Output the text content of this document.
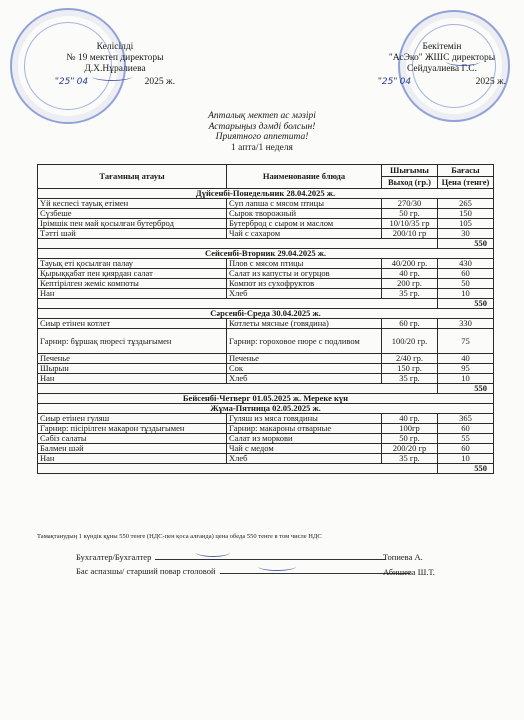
Келісілді
№ 19 мектеп директоры
Д.Х.Нұралиева
"25" 04	2025 ж.
Бекітемін
"АсЭко" ЖШС директоры
Сейдуалиева Г.С.
"25" 04	2025 ж.
Апталық мектеп ас мәзірі
Астарыңыз дәмді болсын!
Приятного аппетита!
1 апта/1 неделя
Тағамның атауы	Наименование блюда	Шығымы	Бағасы
		Выход (гр.)	Цена (тенге)
Дүйсенбі-Понедельник 28.04.2025 ж.			
Үй кеспесі тауық етімен	Суп лапша с мясом птицы	270/30	265
Сүзбеше	Сырок творожный	50 гр.	150
Ірімшік пен май қосылған бутерброд	Бутерброд с сыром и маслом	10/10/35 гр	105
Тәтті шәй	Чай с сахаром	200/10 гр	30
			550
Сейсенбі-Вторник 29.04.2025 ж.			
Тауық еті қосылған палау	Плов с мясом птицы	40/200 гр.	430
Қырыққабат пен қиярдан салат	Салат из капусты и огурцов	40 гр.	60
Кептірілген жеміс компоты	Компот из сухофруктов	200 гр.	50
Нан	Хлеб	35 гр.	10
			550
Сәрсенбі-Среда 30.04.2025 ж.			
Сиыр етінен котлет	Котлеты мясные (говядина)	60 гр.	330
Гарнир: бұршақ пюресі тұздығымен	Гарнир: гороховое пюре с подливом	100/20 гр.	75
Печенье	Печенье	2/40 гр.	40
Шырын	Сок	150 гр.	95
Нан	Хлеб	35 гр.	10
			550
Бейсенбі-Четверг 01.05.2025 ж. Мереке күн			
Жұма-Пятница 02.05.2025 ж.			
Сиыр етінен гуляш	Гуляш из мяса говядины	40 гр.	365
Гарнир: пісірілген макарон тұздығымен	Гарнир: макароны отварные	100гр	60
Сәбіз салаты	Салат из моркови	50 гр.	55
Балмен шәй	Чай с медом	200/20 гр	60
Нан	Хлеб	35 гр.	10
			550
Тамақтанудың 1 күндік құны 550 тенге (НДС-пен қоса алғанда) цена обеда 550 тенге в том числе НДС
Бухгалтер/Бухгалтер	Топиева А.
Бас аспазшы/ старший повар столовой	Абишева Ш.Т.
